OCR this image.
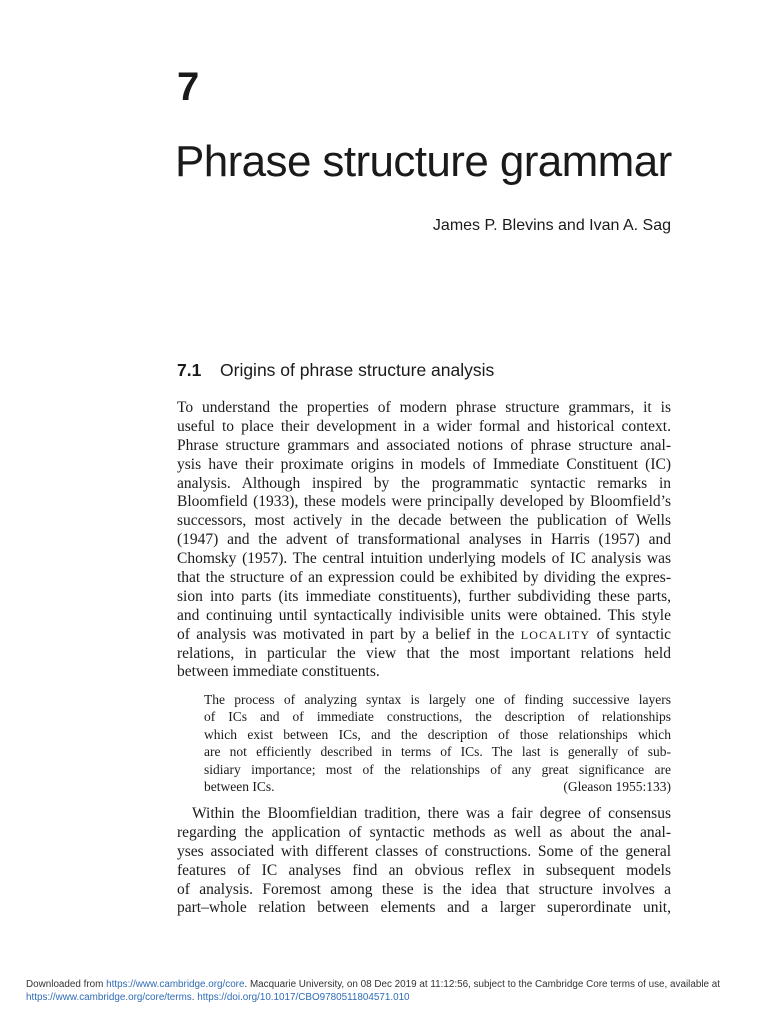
7
Phrase structure grammar
James P. Blevins and Ivan A. Sag
7.1 Origins of phrase structure analysis
To understand the properties of modern phrase structure grammars, it is
useful to place their development in a wider formal and historical context.
Phrase structure grammars and associated notions of phrase structure anal-
ysis have their proximate origins in models of Immediate Constituent (IC)
analysis. Although inspired by the programmatic syntactic remarks in
Bloomfield (1933), these models were principally developed by Bloomfield’s
successors, most actively in the decade between the publication of Wells
(1947) and the advent of transformational analyses in Harris (1957) and
Chomsky (1957). The central intuition underlying models of IC analysis was
that the structure of an expression could be exhibited by dividing the expres-
sion into parts (its immediate constituents), further subdividing these parts,
and continuing until syntactically indivisible units were obtained. This style
of analysis was motivated in part by a belief in the LOCALITY of syntactic
relations, in particular the view that the most important relations held
between immediate constituents.
The process of analyzing syntax is largely one of finding successive layers
of ICs and of immediate constructions, the description of relationships
which exist between ICs, and the description of those relationships which
are not efficiently described in terms of ICs. The last is generally of sub-
sidiary importance; most of the relationships of any great significance are
between ICs.	(Gleason 1955:133)
Within the Bloomfieldian tradition, there was a fair degree of consensus
regarding the application of syntactic methods as well as about the anal-
yses associated with different classes of constructions. Some of the general
features of IC analyses find an obvious reflex in subsequent models
of analysis. Foremost among these is the idea that structure involves a
part–whole relation between elements and a larger superordinate unit,
Downloaded from https://www.cambridge.org/core. Macquarie University, on 08 Dec 2019 at 11:12:56, subject to the Cambridge Core terms of use, available at
https://www.cambridge.org/core/terms. https://doi.org/10.1017/CBO9780511804571.010
